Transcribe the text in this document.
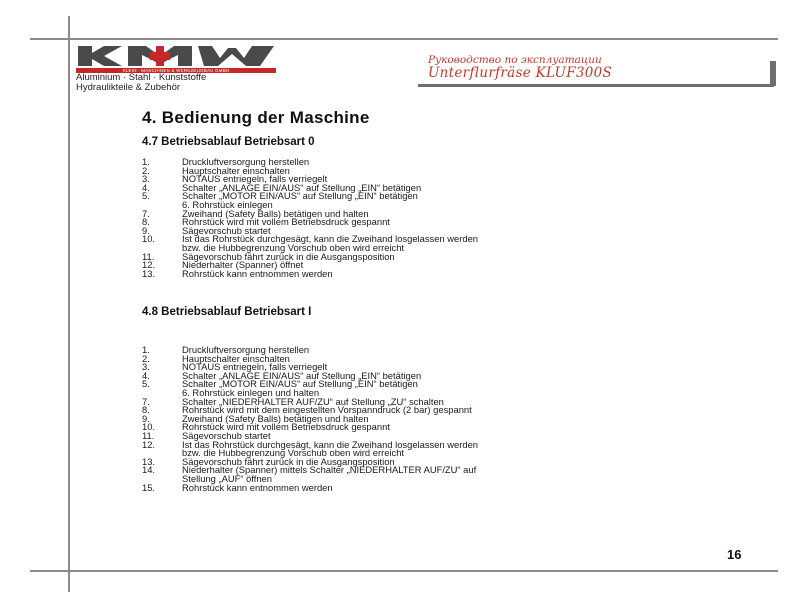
KLEIN · MASCHINEN & WERKZEUGBAU GMBH
Aluminium · Stahl · Kunststoffe
Hydraulikteile & Zubehör
Руководство по эксплуатации
Unterflurfräse KLUF300S
4. Bedienung der Maschine
4.7 Betriebsablauf Betriebsart 0
1.	Druckluftversorgung herstellen
2.	Hauptschalter einschalten
3.	NOTAUS entriegeln, falls verriegelt
4.	Schalter „ANLAGE EIN/AUS“ auf Stellung „EIN“ betätigen
5.	Schalter „MOTOR EIN/AUS“ auf Stellung „EIN“ betätigen
6. Rohrstück einlegen
7.	Zweihand (Safety Balls) betätigen und halten
8.	Rohrstück wird mit vollem Betriebsdruck gespannt
9.	Sägevorschub startet
10.	Ist das Rohrstück durchgesägt, kann die Zweihand losgelassen werden
bzw. die Hubbegrenzung Vorschub oben wird erreicht
11.	Sägevorschub fährt zurück in die Ausgangsposition
12.	Niederhalter (Spanner) öffnet
13.	Rohrstück kann entnommen werden
4.8 Betriebsablauf Betriebsart I
1.	Druckluftversorgung herstellen
2.	Hauptschalter einschalten
3.	NOTAUS entriegeln, falls verriegelt
4.	Schalter „ANLAGE EIN/AUS“ auf Stellung „EIN“ betätigen
5.	Schalter „MOTOR EIN/AUS“ auf Stellung „EIN“ betätigen
6. Rohrstück einlegen und halten
7.	Schalter „NIEDERHALTER AUF/ZU“ auf Stellung „ZU“ schalten
8.	Rohrstück wird mit dem eingestellten Vorspanndruck (2 bar) gespannt
9.	Zweihand (Safety Balls) betätigen und halten
10.	Rohrstück wird mit vollem Betriebsdruck gespannt
11.	Sägevorschub startet
12.	Ist das Rohrstück durchgesägt, kann die Zweihand losgelassen werden
bzw. die Hubbegrenzung Vorschub oben wird erreicht
13.	Sägevorschub fährt zurück in die Ausgangsposition
14.	Niederhalter (Spanner) mittels Schalter „NIEDERHALTER AUF/ZU“ auf
Stellung „AUF“ öffnen
15.	Rohrstück kann entnommen werden
16
